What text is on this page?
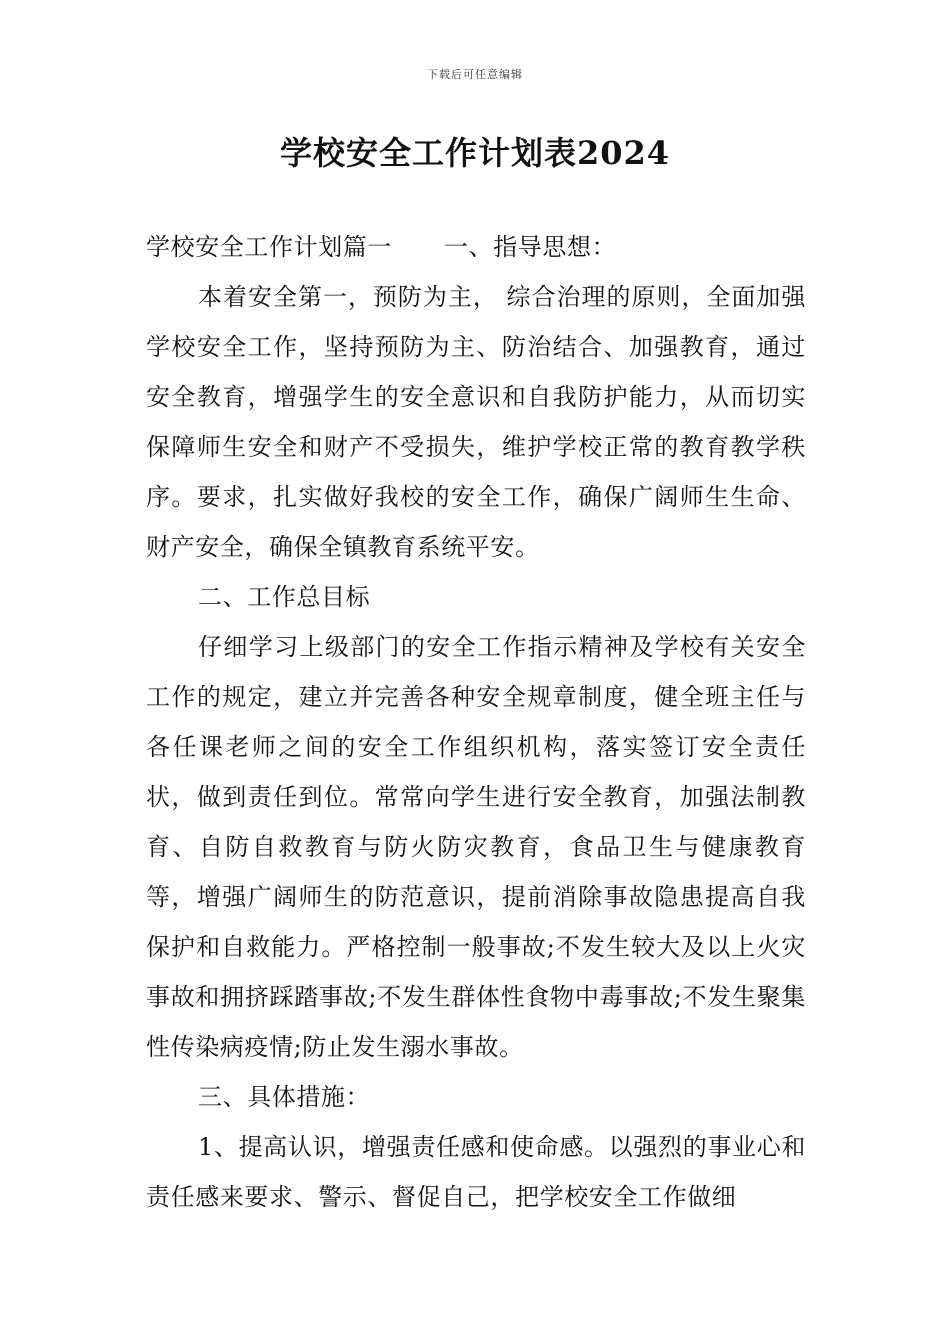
下载后可任意编辑
学校安全工作计划表2024

学校安全工作计划篇一 一、指导思想：

本着安全第一，预防为主， 综合治理的原则，全面加强学校安全工作，坚持预防为主、防治结合、加强教育，通过安全教育，增强学生的安全意识和自我防护能力，从而切实保障师生安全和财产不受损失，维护学校正常的教育教学秩序。要求，扎实做好我校的安全工作，确保广阔师生生命、财产安全，确保全镇教育系统平安。

二、工作总目标

仔细学习上级部门的安全工作指示精神及学校有关安全工作的规定，建立并完善各种安全规章制度，健全班主任与各任课老师之间的安全工作组织机构，落实签订安全责任状，做到责任到位。常常向学生进行安全教育，加强法制教育、自防自救教育与防火防灾教育，食品卫生与健康教育等，增强广阔师生的防范意识，提前消除事故隐患提高自我保护和自救能力。严格控制一般事故;不发生较大及以上火灾事故和拥挤踩踏事故;不发生群体性食物中毒事故;不发生聚集性传染病疫情;防止发生溺水事故。

三、具体措施：

1、提高认识，增强责任感和使命感。以强烈的事业心和责任感来要求、警示、督促自己，把学校安全工作做细
